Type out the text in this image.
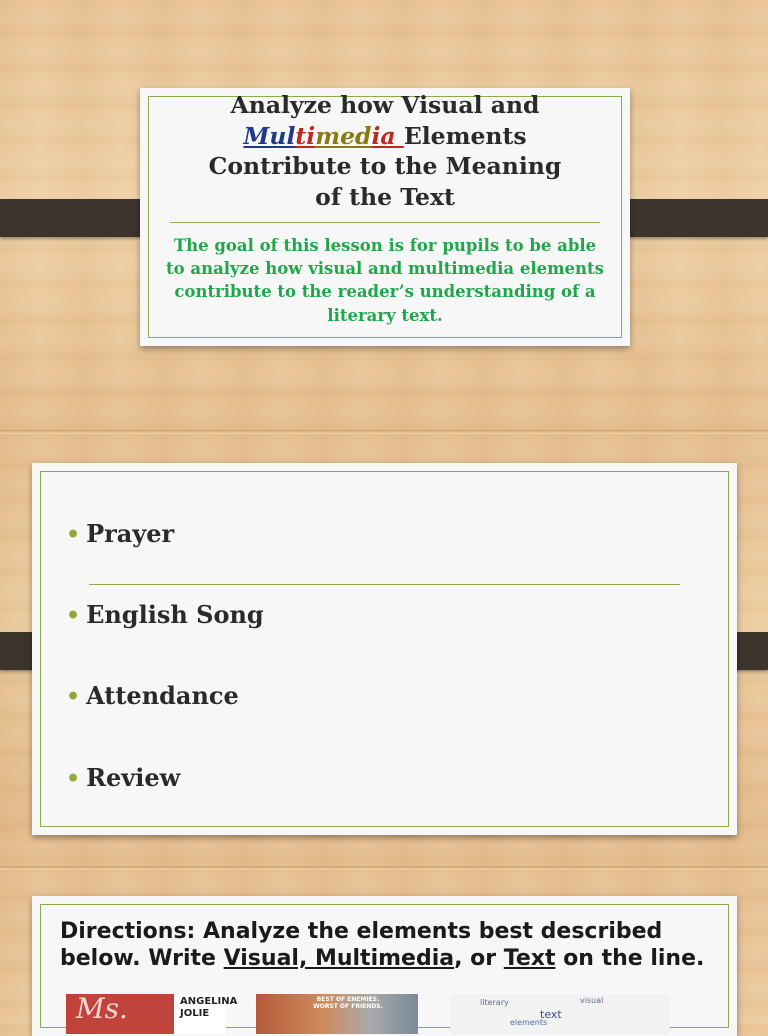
Analyze how Visual and
Multimedia Elements
Contribute to the Meaning
of the Text
The goal of this lesson is for pupils to be able to analyze how visual and multimedia elements contribute to the reader’s understanding of a literary text.
• Prayer
• English Song
• Attendance
• Review
Directions: Analyze the elements best described below. Write Visual, Multimedia, or Text on the line.
Ms.	ANGELINA
JOLIE
BEST OF ENEMIES. WORST OF FRIENDS.	literary
text
visual
elements
